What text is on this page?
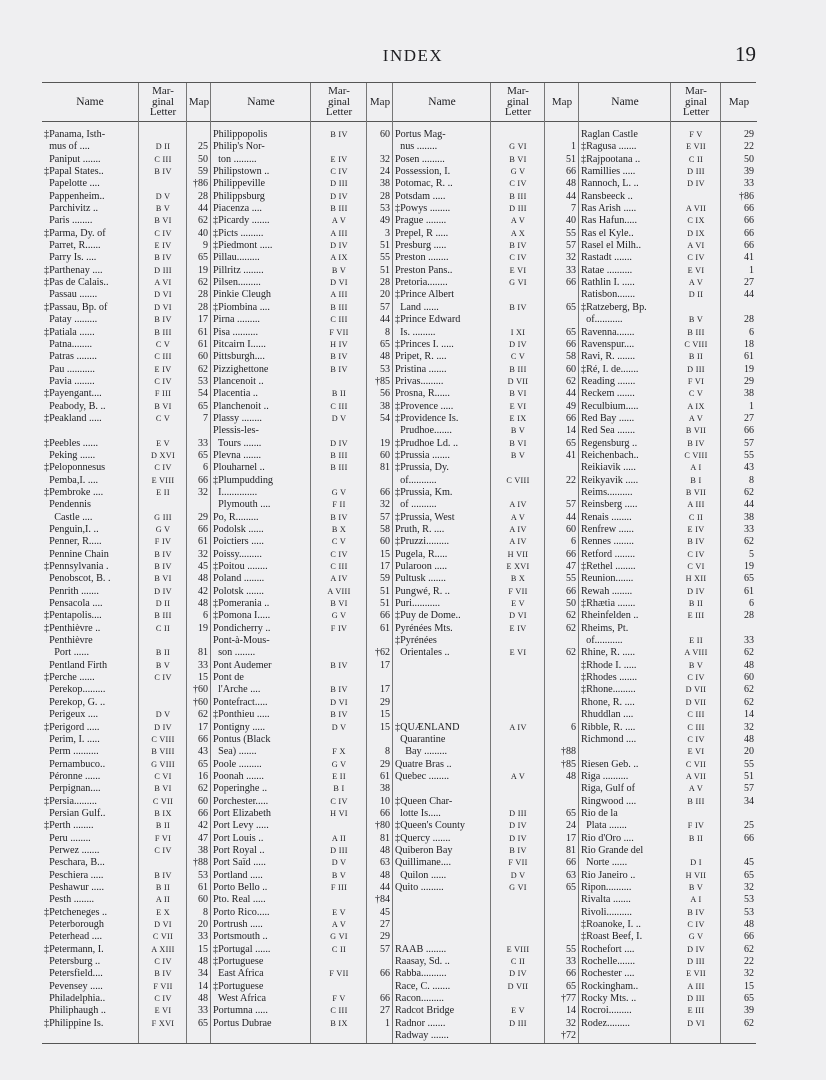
INDEX	19
Name
‡Panama, Isth-
mus of ....
Paniput .......
‡Papal States..
Papelotte ....
Pappenheim..
Parchivitz ..
Paris ........
‡Parma, Dy. of
Parret, R......
Parry Is. ....
‡Parthenay ....
‡Pas de Calais..
Passau .......
‡Passau, Bp. of
Patay .........
‡Patiala ......
Patna........
Patras ........
Pau ...........
Pavia ........
‡Payengant....
Peabody, B. ..
‡Peakland .....
‡Peebles ......
Peking ......
‡Peloponnesus
Pemba,I. ....
‡Pembroke ....
Pendennis
Castle ....
Penguin,I. ..
Penner, R.....
Pennine Chain
‡Pennsylvania .
Penobscot, B. .
Penrith .......
Pensacola ....
‡Pentapolis....
‡Penthièvre ..
Penthièvre
Port ......
Pentland Firth
‡Perche ......
Perekop.........
Perekop, G. ..
Perigeux ....
‡Perigord .....
Perim, I. .....
Perm ..........
Pernambuco..
Péronne ......
Perpignan....
‡Persia.........
Persian Gulf..
‡Perth ........
Peru ........
Perwez .......
Peschara, B...
Peschiera .....
Peshawur .....
Pesth ........
‡Petcheneges ..
Peterborough
Peterhead ....
‡Petermann, I.
Petersburg ..
Petersfield....
Pevensey .....
Philadelphia..
Philiphaugh ..
‡Philippine Is.
Mar-
ginal
Letter
D II
C III
B IV
D V
B V
B VI
C IV
E IV
B IV
D III
A VI
D VI
D VI
B IV
B III
C V
C III
E IV
C IV
F III
B VI
C V
E V
D XVI
C IV
E VIII
E II
G III
G V
F IV
B IV
B IV
B VI
D IV
D II
B III
C II
B II
B V
C IV
D V
D IV
C VIII
B VIII
G VIII
C VI
B VI
C VII
B IX
B II
F VI
C IV
B IV
B II
A II
E X
D VI
C VII
A XIII
C IV
B IV
F VII
C IV
E VI
F XVI
Map
25
50
59
†86
28
44
62
40
9
65
19
62
28
28
17
61
61
60
62
53
54
65
7
33
65
6
66
32
29
66
61
32
45
48
42
48
6
19
81
33
15
†60
†60
62
17
66
43
65
16
62
60
66
42
47
38
†88
53
61
60
8
20
33
15
48
34
14
48
33
65
Name
Philippopolis
Philip's Nor-
ton .........
Philipstown ..
Philippeville
Philippsburg
Piacenza ....
‡Picardy .......
‡Picts .........
‡Piedmont .....
Pillau.........
Pillritz ........
Pilsen.........
Pinkie Cleugh
‡Piombina ....
Pirna .........
Pisa ..........
Pitcairn I......
Pittsburgh....
Pizzighettone
Plancenoit ..
Placentia ..
Planchenoit ..
Plassy ........
Plessis-les-
Tours .......
Plevna .......
Plouharnel ..
‡Plumpudding
I..............
Plymouth ....
Po, R.........
Podolsk ......
Poictiers .....
Poissy.........
‡Poitou ........
Poland ........
Polotsk .......
‡Pomerania ..
‡Pomona I.....
Pondicherry ..
Pont-à-Mous-
son ........
Pont Audemer
Pont de
l'Arche ....
Pontefract.....
‡Ponthieu .....
Pontigny .....
Pontus (Black
Sea) .......
Poole .........
Poonah .......
Poperinghe ..
Porchester.....
Port Elizabeth
Port Levy .....
Port Louis ..
Port Royal ..
Port Saïd .....
Portland .....
Porto Bello ..
Pto. Real .....
Porto Rico.....
Portrush .....
Portsmouth ..
‡Portugal ......
‡Portuguese
East Africa
‡Portuguese
West Africa
Portumna .....
Portus Dubrae
Mar-
ginal
Letter
B IV
E IV
C IV
D III
D IV
B III
A V
A III
D IV
A IX
B V
D VI
A III
B III
C III
F VII
H IV
B IV
B IV
B II
C III
D V
D IV
B III
B III
G V
F II
B IV
B X
C V
C IV
C III
A IV
A VIII
B VI
G V
F IV
B IV
B IV
D VI
B IV
D V
F X
G V
E II
B I
C IV
H VI
A II
D III
D V
B V
F III
E V
A V
G VI
C II
F VII
F V
C III
B IX
Map
60
32
24
38
28
53
49
3
51
55
51
28
20
57
44
8
65
48
53
†85
56
38
54
19
60
81
66
32
57
58
60
15
17
59
51
51
66
61
†62
17
17
29
15
15
8
29
61
38
10
66
†80
81
48
63
48
44
†84
45
27
29
57
66
66
27
1
Name
Portus Mag-
nus ........
Posen .........
Possession, I.
Potomac, R. ..
Potsdam .....
‡Powys ........
Prague ........
Prepel, R .....
Presburg .....
Preston ........
Preston Pans..
Pretoria........
‡Prince Albert
Land ......
‡Prince Edward
Is. .........
‡Princes I. .....
Pripet, R. ....
Pristina .......
Privas.........
Prosna, R......
‡Provence .....
‡Providence Is.
Prudhoe.......
‡Prudhoe Ld. ..
‡Prussia .......
‡Prussia, Dy.
of...........
‡Prussia, Km.
of ..........
‡Prussia, West
Pruth, R. ....
‡Pruzzi.........
Pugela, R.....
Pularoon .....
Pultusk .......
Pungwé, R. ..
Puri...........
‡Puy de Dome..
Pyrénées Mts.
‡Pyrénées
Orientales ..
‡QUÆNLAND
Quarantine
Bay .........
Quatre Bras ..
Quebec ........
‡Queen Char-
lotte Is.....
‡Queen's County
‡Quercy .......
Quiberon Bay
Quillimane....
Quilon ......
Quito .........
RAAB ........
Raasay, Sd. ..
Rabba..........
Race, C. .......
Racon.........
Radcot Bridge
Radnor .......
Radway .......
Mar-
ginal
Letter
G VI
B VI
G V
C IV
B III
D III
A V
A X
B IV
C IV
E VI
G VI
B IV
I XI
D IV
C V
B III
D VII
B VI
E VI
E IX
B V
B VI
B V
C VIII
A IV
A V
A IV
A IV
H VII
E XVI
B X
F VII
E V
D VI
E IV
E VI
A IV
A V
D III
D IV
D IV
B IV
F VII
D V
G VI
E VIII
C II
D IV
D VII
E V
D III
Map
1
51
66
48
44
7
40
55
57
32
33
66
65
65
66
58
60
62
44
49
66
14
65
41
22
57
44
60
6
66
47
55
66
50
62
62
62
6
†88
†85
48
65
24
17
81
66
63
65
55
33
66
65
†77
14
32
†72
Name
Raglan Castle
‡Ragusa .......
‡Rajpootana ..
Ramillies .....
Rannoch, L. ..
Ransbeeck ..
Ras Arish .....
Ras Hafun.....
Ras el Kyle..
Rasel el Milh..
Rastadt .......
Ratae ..........
Rathlin I. .....
Ratisbon.......
‡Ratzeberg, Bp.
of...........
Ravenna.......
Ravenspur....
Ravi, R. .......
‡Ré, I. de.......
Reading .......
Reckem .......
Reculbium.....
Red Bay ......
Red Sea .......
Regensburg ..
Reichenbach..
Reikiavik .....
Reikyavik .....
Reims..........
Reinsberg .....
Renais ........
Renfrew ......
Rennes ........
Retford ........
‡Rethel ........
Reunion.......
Rewah ........
‡Rhætia .......
Rheinfelden ..
Rheims, Pt.
of...........
Rhine, R. .....
‡Rhode I. .....
‡Rhodes .......
‡Rhone.........
Rhone, R. ....
Rhuddlan ....
Ribble, R. ....
Richmond ....
Riesen Geb. ..
Riga ..........
Riga, Gulf of
Ringwood ....
Rio de la
Plata .......
Rio d'Oro ....
Rio Grande del
Norte ......
Rio Janeiro ..
Ripon..........
Rivalta .......
Rivoli..........
‡Roanoke, I. ..
‡Roast Beef, I.
Rochefort ....
Rochelle.......
Rochester ....
Rockingham..
Rocky Mts. ..
Rocroi.........
Rodez.........
Mar-
ginal
Letter
F V
E VII
C II
D III
D IV
A VII
C IX
D IX
A VI
C IV
E VI
A V
D II
B V
B III
C VIII
B II
D III
F VI
C V
A IX
A V
B VII
B IV
C VIII
A I
B I
B VII
A III
C II
E IV
B IV
C IV
C VI
H XII
D IV
B II
E III
E II
A VIII
B V
C IV
D VII
D VII
C III
C III
C IV
E VI
C VII
A VII
A V
B III
F IV
B II
D I
H VII
B V
A I
B IV
C IV
G V
D IV
D III
E VII
A III
D III
E III
D VI
Map
29
22
50
39
33
†86
66
66
66
66
41
1
27
44
28
6
18
61
19
29
38
1
27
66
57
55
43
8
62
44
38
33
62
5
19
65
61
6
28
33
62
48
60
62
62
14
32
48
20
55
51
57
34
25
66
45
65
32
53
53
48
66
62
22
32
15
65
39
62
